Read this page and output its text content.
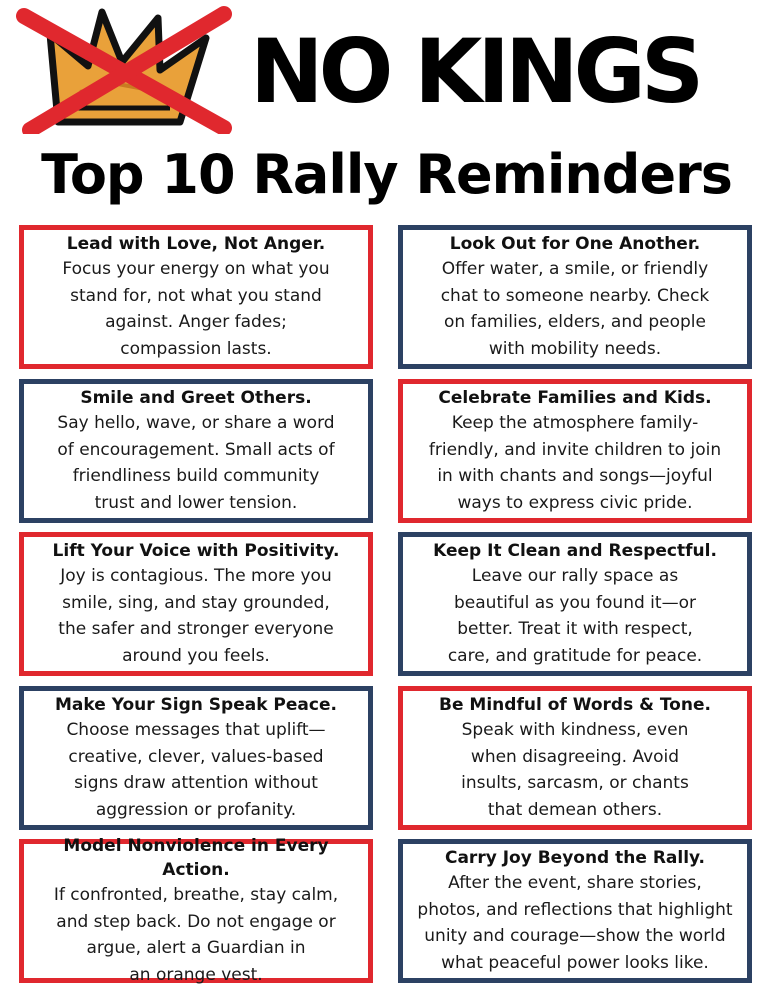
NO KINGS
Top 10 Rally Reminders
Lead with Love, Not Anger.
Focus your energy on what you
stand for, not what you stand
against. Anger fades;
compassion lasts.
Look Out for One Another.
Offer water, a smile, or friendly
chat to someone nearby. Check
on families, elders, and people
with mobility needs.
Smile and Greet Others.
Say hello, wave, or share a word
of encouragement. Small acts of
friendliness build community
trust and lower tension.
Celebrate Families and Kids.
Keep the atmosphere family-
friendly, and invite children to join
in with chants and songs—joyful
ways to express civic pride.
Lift Your Voice with Positivity.
Joy is contagious. The more you
smile, sing, and stay grounded,
the safer and stronger everyone
around you feels.
Keep It Clean and Respectful.
Leave our rally space as
beautiful as you found it—or
better. Treat it with respect,
care, and gratitude for peace.
Make Your Sign Speak Peace.
Choose messages that uplift—
creative, clever, values-based
signs draw attention without
aggression or profanity.
Be Mindful of Words & Tone.
Speak with kindness, even
when disagreeing. Avoid
insults, sarcasm, or chants
that demean others.
Model Nonviolence in Every Action.
If confronted, breathe, stay calm,
and step back. Do not engage or
argue, alert a Guardian in
an orange vest.
Carry Joy Beyond the Rally.
After the event, share stories,
photos, and reflections that highlight
unity and courage—show the world
what peaceful power looks like.
